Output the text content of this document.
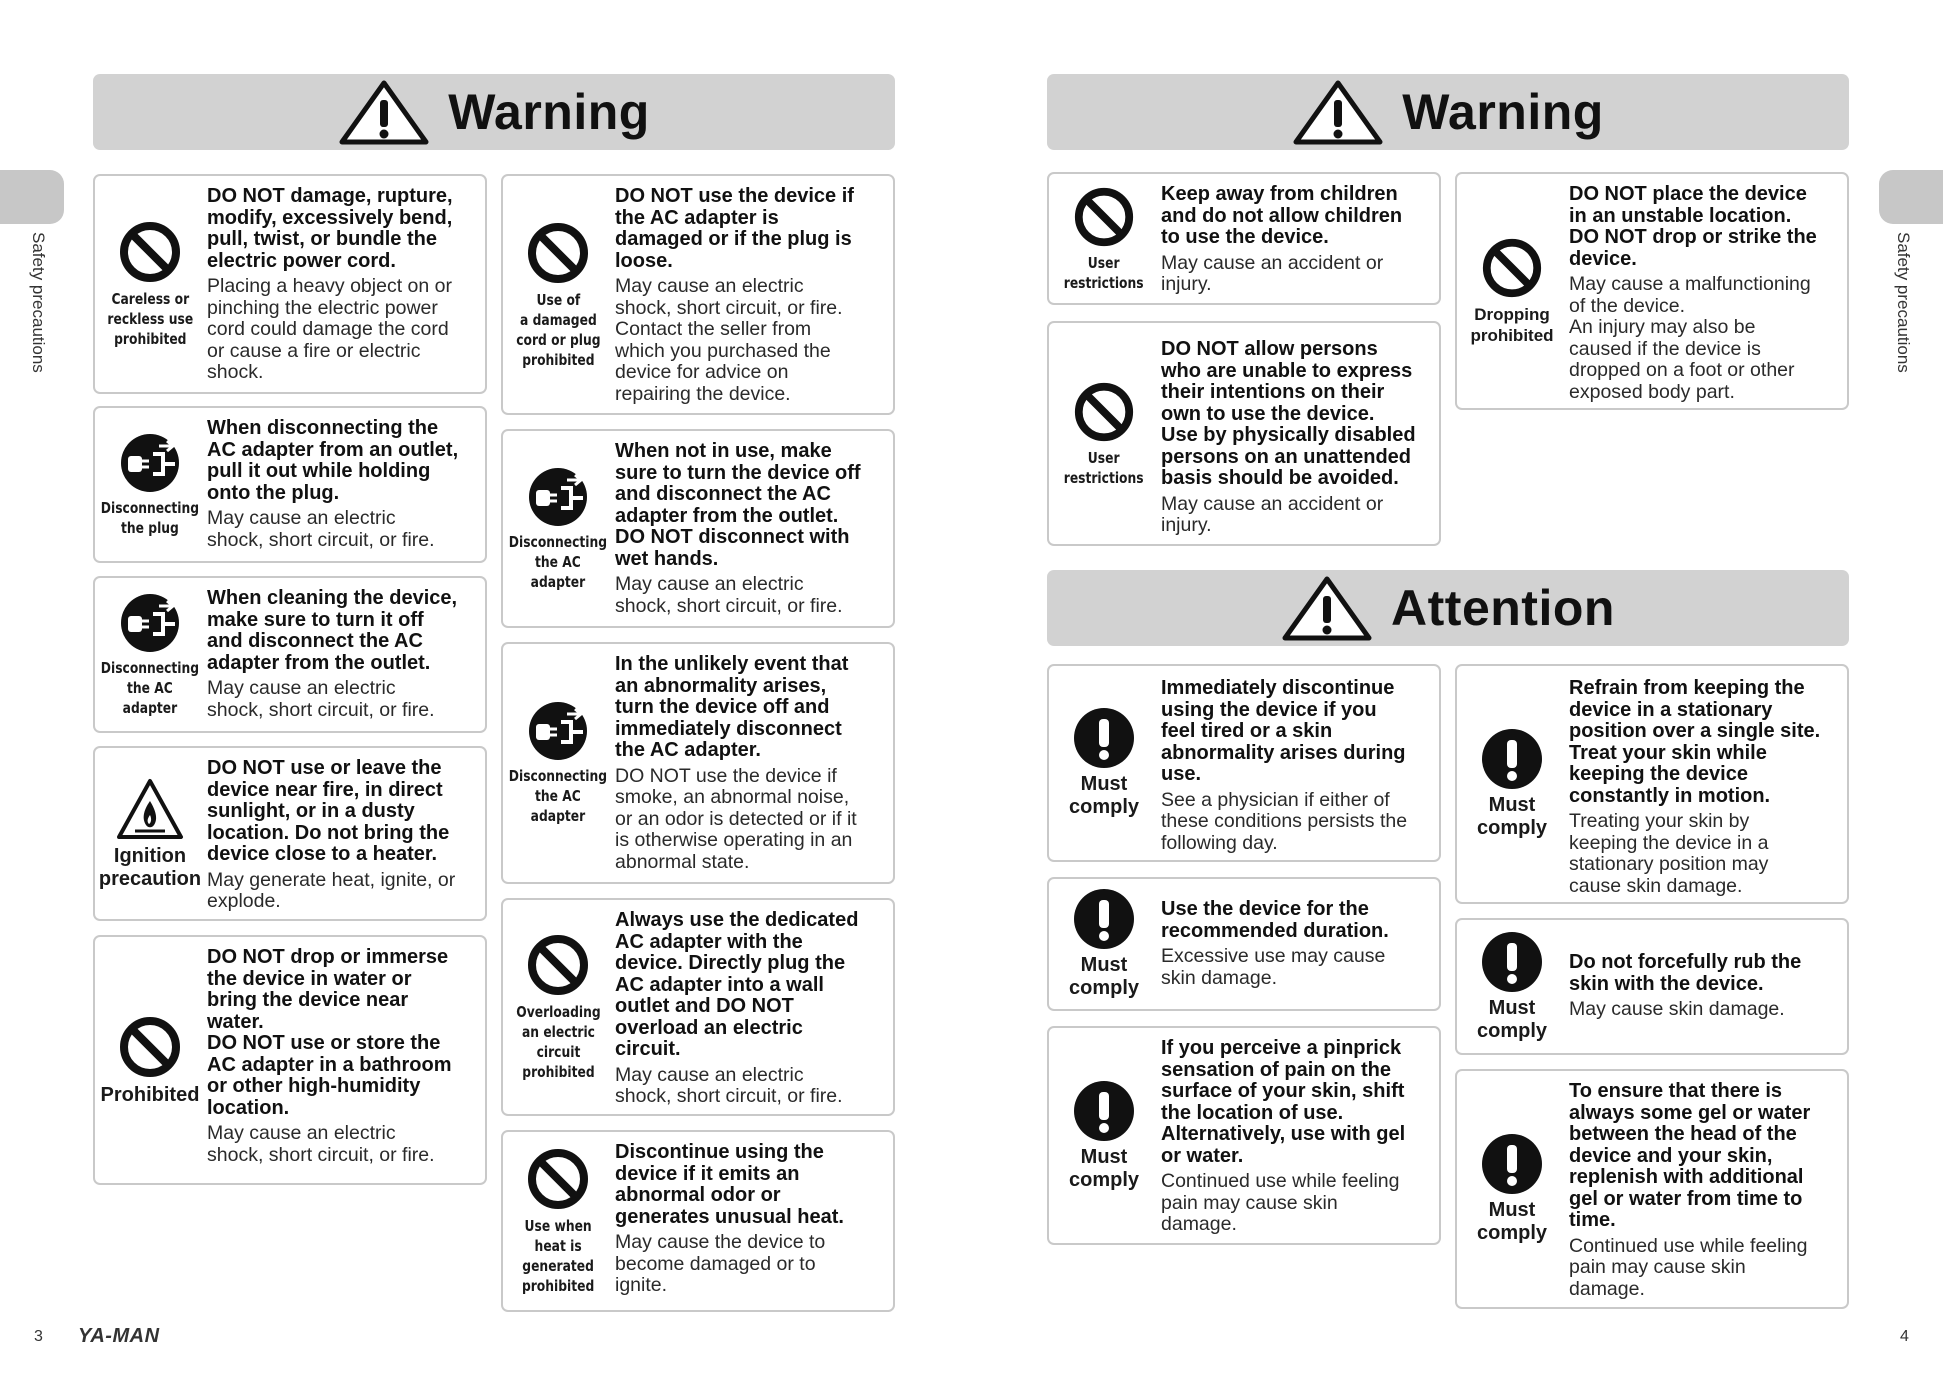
Safety precautions	Safety precautions
Warning	Warning
Attention
Careless or
reckless use
prohibited
DO NOT damage, rupture,
modify, excessively bend,
pull, twist, or bundle the
electric power cord.
Placing a heavy object on or
pinching the electric power
cord could damage the cord
or cause a fire or electric
shock.
Disconnecting
the plug
When disconnecting the
AC adapter from an outlet,
pull it out while holding
onto the plug.
May cause an electric
shock, short circuit, or fire.
Disconnecting
the AC adapter
When cleaning the device,
make sure to turn it off
and disconnect the AC
adapter from the outlet.
May cause an electric
shock, short circuit, or fire.
Ignition
precaution
DO NOT use or leave the
device near fire, in direct
sunlight, or in a dusty
location. Do not bring the
device close to a heater.
May generate heat, ignite, or
explode.
Prohibited
DO NOT drop or immerse
the device in water or
bring the device near
water.
DO NOT use or store the
AC adapter in a bathroom
or other high-humidity
location.
May cause an electric
shock, short circuit, or fire.
Use of
a damaged
cord or plug
prohibited
DO NOT use the device if
the AC adapter is
damaged or if the plug is
loose.
May cause an electric
shock, short circuit, or fire.
Contact the seller from
which you purchased the
device for advice on
repairing the device.
Disconnecting
the AC adapter
When not in use, make
sure to turn the device off
and disconnect the AC
adapter from the outlet.
DO NOT disconnect with
wet hands.
May cause an electric
shock, short circuit, or fire.
Disconnecting
the AC adapter
In the unlikely event that
an abnormality arises,
turn the device off and
immediately disconnect
the AC adapter.
DO NOT use the device if
smoke, an abnormal noise,
or an odor is detected or if it
is otherwise operating in an
abnormal state.
Overloading
an electric
circuit
prohibited
Always use the dedicated
AC adapter with the
device. Directly plug the
AC adapter into a wall
outlet and DO NOT
overload an electric
circuit.
May cause an electric
shock, short circuit, or fire.
Use when
heat is
generated
prohibited
Discontinue using the
device if it emits an
abnormal odor or
generates unusual heat.
May cause the device to
become damaged or to
ignite.
User
restrictions
Keep away from children
and do not allow children
to use the device.
May cause an accident or
injury.
User
restrictions
DO NOT allow persons
who are unable to express
their intentions on their
own to use the device.
Use by physically disabled
persons on an unattended
basis should be avoided.
May cause an accident or
injury.
Dropping
prohibited
DO NOT place the device
in an unstable location.
DO NOT drop or strike the
device.
May cause a malfunctioning
of the device.
An injury may also be
caused if the device is
dropped on a foot or other
exposed body part.
Must
comply
Immediately discontinue
using the device if you
feel tired or a skin
abnormality arises during
use.
See a physician if either of
these conditions persists the
following day.
Must
comply
Use the device for the
recommended duration.
Excessive use may cause
skin damage.
Must
comply
If you perceive a pinprick
sensation of pain on the
surface of your skin, shift
the location of use.
Alternatively, use with gel
or water.
Continued use while feeling
pain may cause skin
damage.
Must
comply
Refrain from keeping the
device in a stationary
position over a single site.
Treat your skin while
keeping the device
constantly in motion.
Treating your skin by
keeping the device in a
stationary position may
cause skin damage.
Must
comply
Do not forcefully rub the
skin with the device.
May cause skin damage.
Must
comply
To ensure that there is
always some gel or water
between the head of the
device and your skin,
replenish with additional
gel or water from time to
time.
Continued use while feeling
pain may cause skin
damage.
3 YA-MAN	4
